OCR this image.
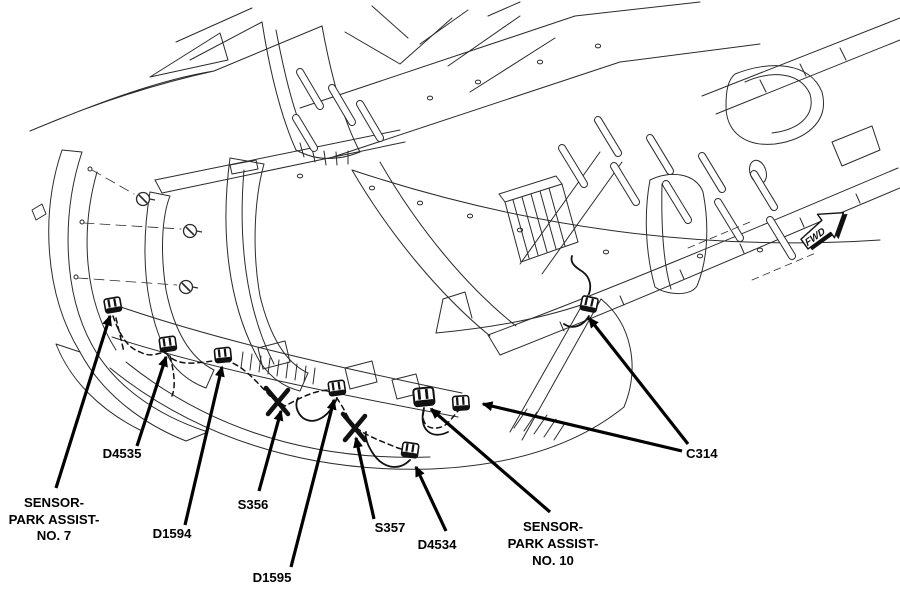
SENSOR-
PARK ASSIST-
NO. 7
D4535
D1594
S356
D1595
S357
D4534
SENSOR-
PARK ASSIST-
NO. 10
C314
FWD
